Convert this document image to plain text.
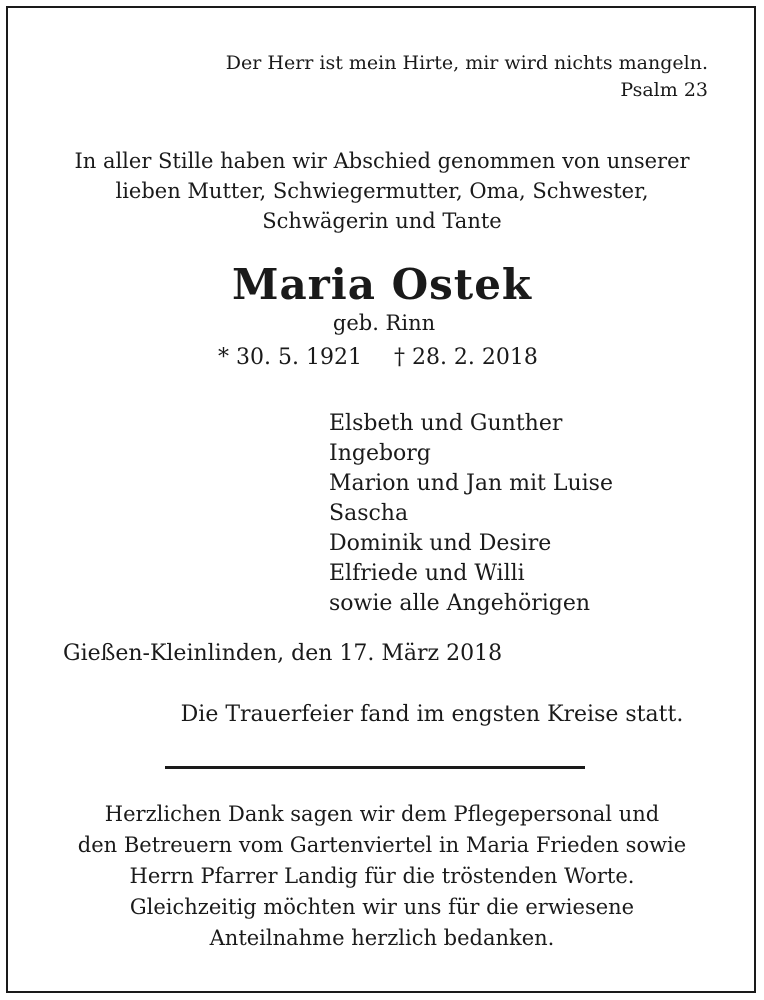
Der Herr ist mein Hirte, mir wird nichts mangeln.
Psalm 23
In aller Stille haben wir Abschied genommen von unserer
lieben Mutter, Schwiegermutter, Oma, Schwester,
Schwägerin und Tante
Maria Ostek
geb. Rinn
* 30. 5. 1921 † 28. 2. 2018
Elsbeth und Gunther
Ingeborg
Marion und Jan mit Luise
Sascha
Dominik und Desire
Elfriede und Willi
sowie alle Angehörigen
Gießen-Kleinlinden, den 17. März 2018
Die Trauerfeier fand im engsten Kreise statt.
Herzlichen Dank sagen wir dem Pflegepersonal und
den Betreuern vom Gartenviertel in Maria Frieden sowie
Herrn Pfarrer Landig für die tröstenden Worte.
Gleichzeitig möchten wir uns für die erwiesene
Anteilnahme herzlich bedanken.
